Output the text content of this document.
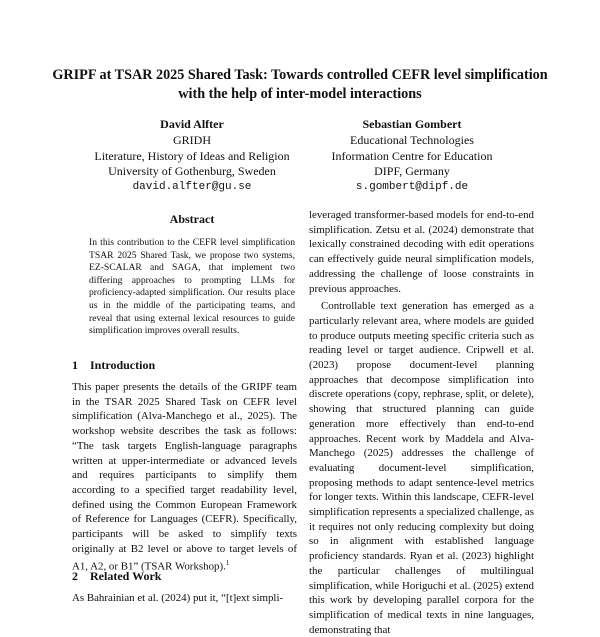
GRIPF at TSAR 2025 Shared Task: Towards controlled CEFR level simplification with the help of inter-model interactions
David Alfter
GRIDH
Literature, History of Ideas and Religion
University of Gothenburg, Sweden
david.alfter@gu.se
Sebastian Gombert
Educational Technologies
Information Centre for Education
DIPF, Germany
s.gombert@dipf.de
Abstract
In this contribution to the CEFR level simplification TSAR 2025 Shared Task, we propose two systems, EZ-SCALAR and SAGA, that implement two differing approaches to prompting LLMs for proficiency-adapted simplification. Our results place us in the middle of the participating teams, and reveal that using external lexical resources to guide simplification improves overall results.
1 Introduction
This paper presents the details of the GRIPF team in the TSAR 2025 Shared Task on CEFR level simplification (Alva-Manchego et al., 2025). The workshop website describes the task as follows: “The task targets English-language paragraphs written at upper-intermediate or advanced levels and requires participants to simplify them according to a specified target readability level, defined using the Common European Framework of Reference for Languages (CEFR). Specifically, participants will be asked to simplify texts originally at B2 level or above to target levels of A1, A2, or B1” (TSAR Workshop).$^1$
2 Related Work
As Bahrainian et al. (2024) put it, “[t]ext simpli-

leveraged transformer-based models for end-to-end simplification. Zetsu et al. (2024) demonstrate that lexically constrained decoding with edit operations can effectively guide neural simplification models, addressing the challenge of loose constraints in previous approaches.

Controllable text generation has emerged as a particularly relevant area, where models are guided to produce outputs meeting specific criteria such as reading level or target audience. Cripwell et al. (2023) propose document-level planning approaches that decompose simplification into discrete operations (copy, rephrase, split, or delete), showing that structured planning can guide generation more effectively than end-to-end approaches. Recent work by Maddela and Alva-Manchego (2025) addresses the challenge of evaluating document-level simplification, proposing methods to adapt sentence-level metrics for longer texts. Within this landscape, CEFR-level simplification represents a specialized challenge, as it requires not only reducing complexity but doing so in alignment with established language proficiency standards. Ryan et al. (2023) highlight the particular challenges of multilingual simplification, while Horiguchi et al. (2025) extend this work by developing parallel corpora for the simplification of medical texts in nine languages, demonstrating that
